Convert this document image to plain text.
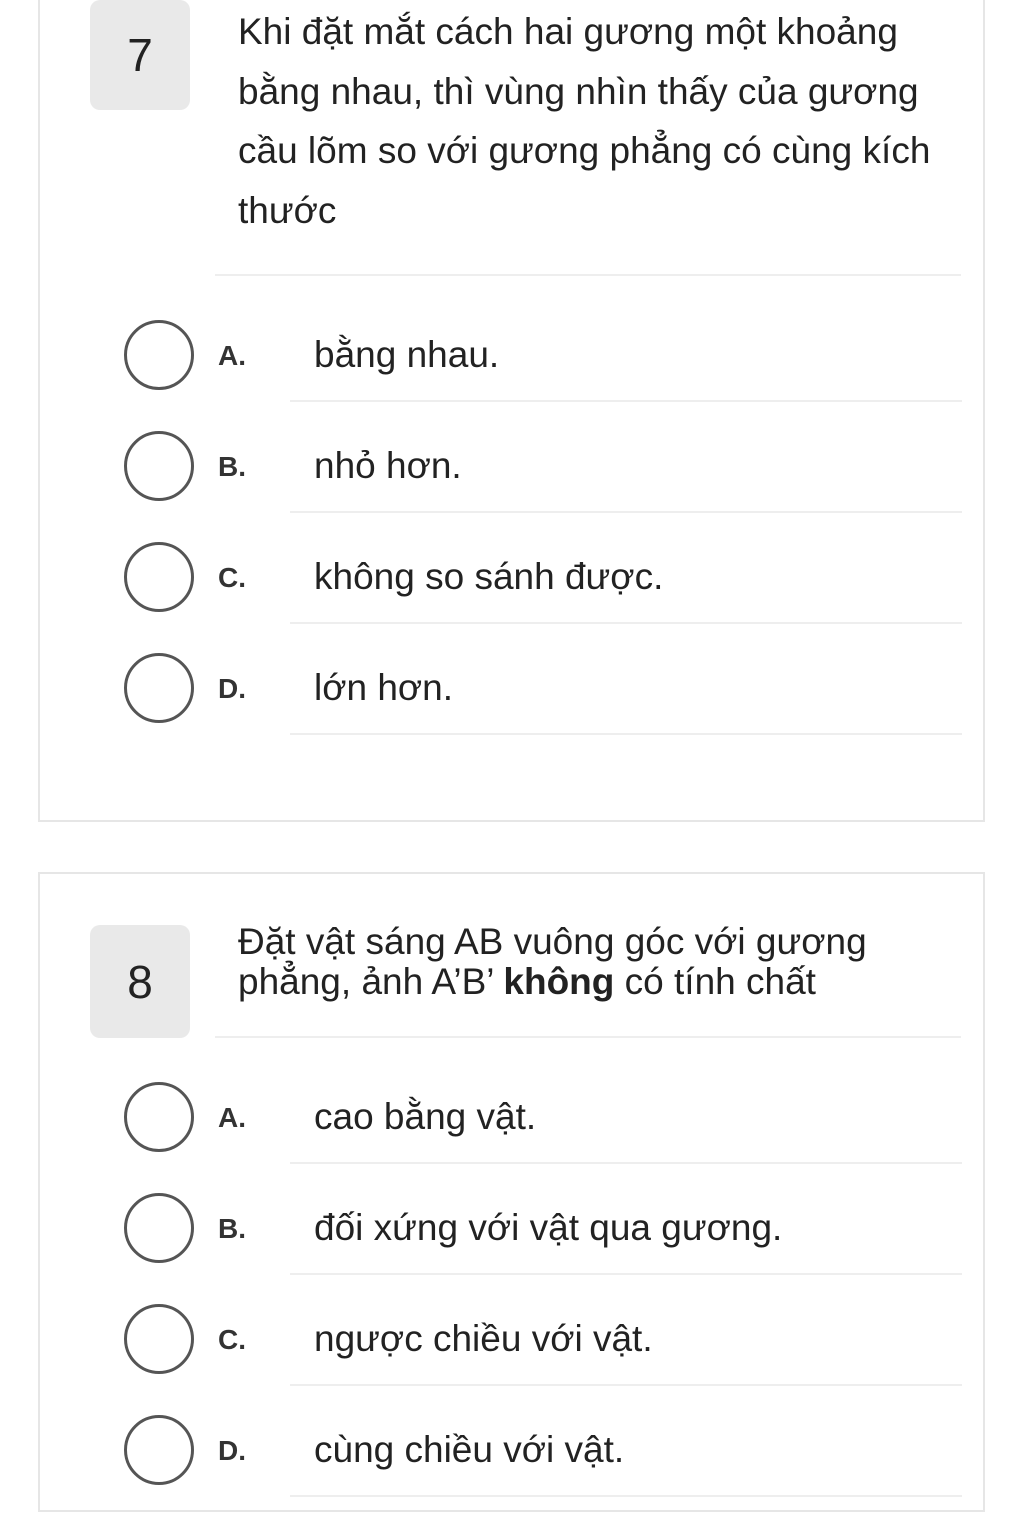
7 Khi đặt mắt cách hai gương một khoảng bằng nhau, thì vùng nhìn thấy của gương cầu lõm so với gương phẳng có cùng kích thước
A. bằng nhau.
B. nhỏ hơn.
C. không so sánh được.
D. lớn hơn.
8
Đặt vật sáng AB vuông góc với gương phẳng, ảnh A’B’ không có tính chất
A. cao bằng vật.
B. đối xứng với vật qua gương.
C. ngược chiều với vật.
D. cùng chiều với vật.
